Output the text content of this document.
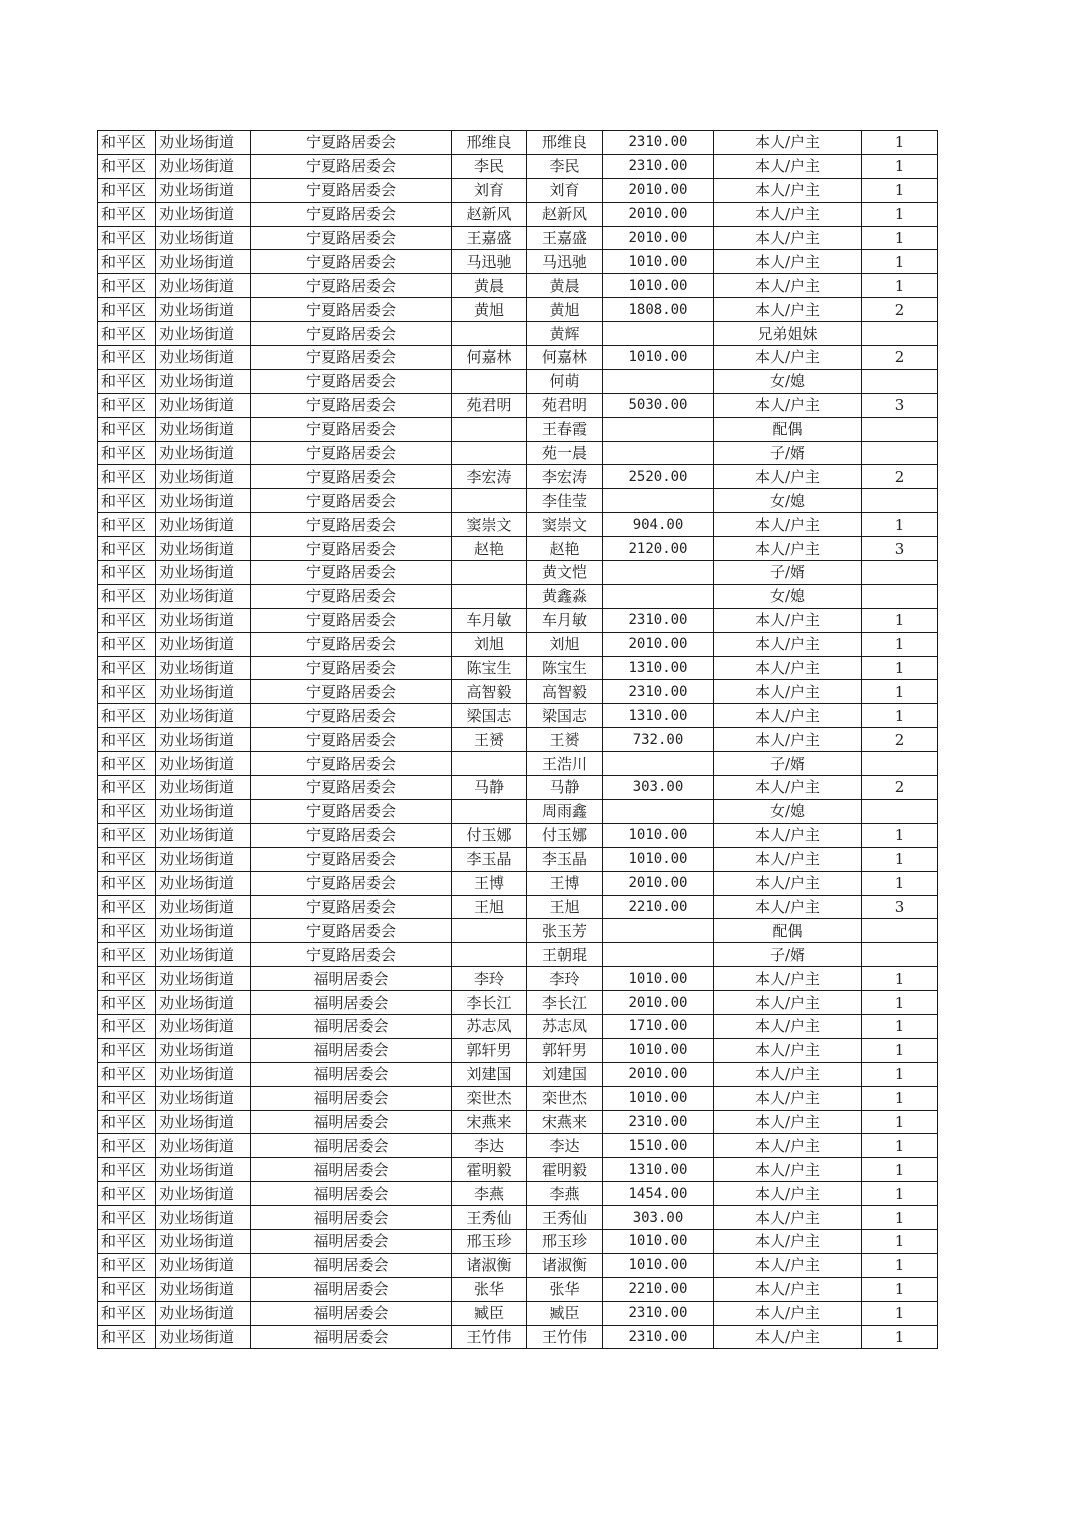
和平区	劝业场街道	宁夏路居委会	邢维良	邢维良	2310.00	本人/户主	1
和平区	劝业场街道	宁夏路居委会	李民	李民	2310.00	本人/户主	1
和平区	劝业场街道	宁夏路居委会	刘育	刘育	2010.00	本人/户主	1
和平区	劝业场街道	宁夏路居委会	赵新风	赵新风	2010.00	本人/户主	1
和平区	劝业场街道	宁夏路居委会	王嘉盛	王嘉盛	2010.00	本人/户主	1
和平区	劝业场街道	宁夏路居委会	马迅驰	马迅驰	1010.00	本人/户主	1
和平区	劝业场街道	宁夏路居委会	黄晨	黄晨	1010.00	本人/户主	1
和平区	劝业场街道	宁夏路居委会	黄旭	黄旭	1808.00	本人/户主	2
和平区	劝业场街道	宁夏路居委会		黄辉		兄弟姐妹	
和平区	劝业场街道	宁夏路居委会	何嘉林	何嘉林	1010.00	本人/户主	2
和平区	劝业场街道	宁夏路居委会		何萌		女/媳	
和平区	劝业场街道	宁夏路居委会	苑君明	苑君明	5030.00	本人/户主	3
和平区	劝业场街道	宁夏路居委会		王春霞		配偶	
和平区	劝业场街道	宁夏路居委会		苑一晨		子/婿	
和平区	劝业场街道	宁夏路居委会	李宏涛	李宏涛	2520.00	本人/户主	2
和平区	劝业场街道	宁夏路居委会		李佳莹		女/媳	
和平区	劝业场街道	宁夏路居委会	窦崇文	窦崇文	904.00	本人/户主	1
和平区	劝业场街道	宁夏路居委会	赵艳	赵艳	2120.00	本人/户主	3
和平区	劝业场街道	宁夏路居委会		黄文恺		子/婿	
和平区	劝业场街道	宁夏路居委会		黄鑫淼		女/媳	
和平区	劝业场街道	宁夏路居委会	车月敏	车月敏	2310.00	本人/户主	1
和平区	劝业场街道	宁夏路居委会	刘旭	刘旭	2010.00	本人/户主	1
和平区	劝业场街道	宁夏路居委会	陈宝生	陈宝生	1310.00	本人/户主	1
和平区	劝业场街道	宁夏路居委会	高智毅	高智毅	2310.00	本人/户主	1
和平区	劝业场街道	宁夏路居委会	梁国志	梁国志	1310.00	本人/户主	1
和平区	劝业场街道	宁夏路居委会	王赟	王赟	732.00	本人/户主	2
和平区	劝业场街道	宁夏路居委会		王浩川		子/婿	
和平区	劝业场街道	宁夏路居委会	马静	马静	303.00	本人/户主	2
和平区	劝业场街道	宁夏路居委会		周雨鑫		女/媳	
和平区	劝业场街道	宁夏路居委会	付玉娜	付玉娜	1010.00	本人/户主	1
和平区	劝业场街道	宁夏路居委会	李玉晶	李玉晶	1010.00	本人/户主	1
和平区	劝业场街道	宁夏路居委会	王博	王博	2010.00	本人/户主	1
和平区	劝业场街道	宁夏路居委会	王旭	王旭	2210.00	本人/户主	3
和平区	劝业场街道	宁夏路居委会		张玉芳		配偶	
和平区	劝业场街道	宁夏路居委会		王朝琨		子/婿	
和平区	劝业场街道	福明居委会	李玲	李玲	1010.00	本人/户主	1
和平区	劝业场街道	福明居委会	李长江	李长江	2010.00	本人/户主	1
和平区	劝业场街道	福明居委会	苏志凤	苏志凤	1710.00	本人/户主	1
和平区	劝业场街道	福明居委会	郭轩男	郭轩男	1010.00	本人/户主	1
和平区	劝业场街道	福明居委会	刘建国	刘建国	2010.00	本人/户主	1
和平区	劝业场街道	福明居委会	栾世杰	栾世杰	1010.00	本人/户主	1
和平区	劝业场街道	福明居委会	宋燕来	宋燕来	2310.00	本人/户主	1
和平区	劝业场街道	福明居委会	李达	李达	1510.00	本人/户主	1
和平区	劝业场街道	福明居委会	霍明毅	霍明毅	1310.00	本人/户主	1
和平区	劝业场街道	福明居委会	李燕	李燕	1454.00	本人/户主	1
和平区	劝业场街道	福明居委会	王秀仙	王秀仙	303.00	本人/户主	1
和平区	劝业场街道	福明居委会	邢玉珍	邢玉珍	1010.00	本人/户主	1
和平区	劝业场街道	福明居委会	诸淑衡	诸淑衡	1010.00	本人/户主	1
和平区	劝业场街道	福明居委会	张华	张华	2210.00	本人/户主	1
和平区	劝业场街道	福明居委会	臧臣	臧臣	2310.00	本人/户主	1
和平区	劝业场街道	福明居委会	王竹伟	王竹伟	2310.00	本人/户主	1
